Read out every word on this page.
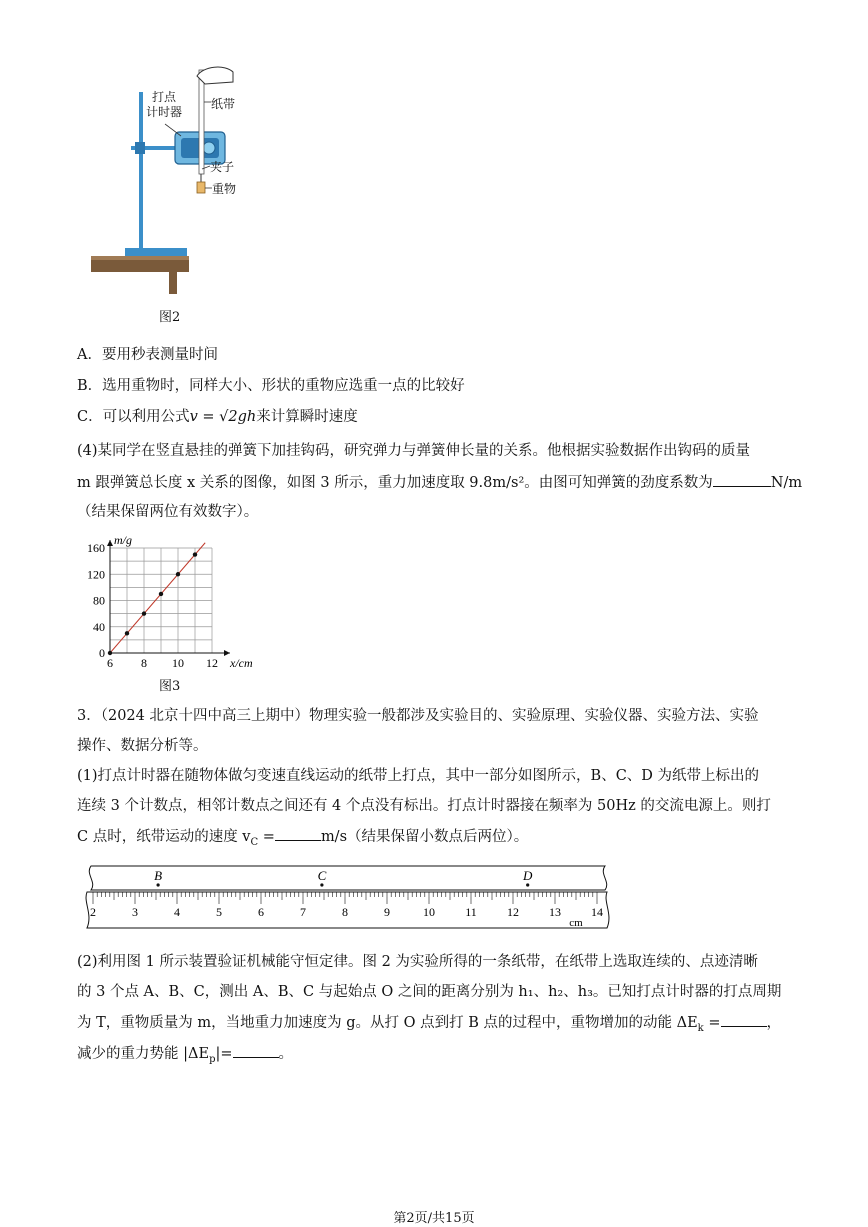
打点
计时器
纸带
夹子
重物
图2
A．要用秒表测量时间
B．选用重物时，同样大小、形状的重物应选重一点的比较好
C．可以利用公式v = √2gh来计算瞬时速度
(4)某同学在竖直悬挂的弹簧下加挂钩码，研究弹力与弹簧伸长量的关系。他根据实验数据作出钩码的质量
m 跟弹簧总长度 x 关系的图像，如图 3 所示，重力加速度取 9.8m/s²。由图可知弹簧的劲度系数为	N/m
（结果保留两位有效数字）。
6 8 10 12
0
40
80
120
160
x/cm
m/g
图3
3．（2024 北京十四中高三上期中）物理实验一般都涉及实验目的、实验原理、实验仪器、实验方法、实验
操作、数据分析等。
(1)打点计时器在随物体做匀变速直线运动的纸带上打点，其中一部分如图所示，B、C、D 为纸带上标出的
连续 3 个计数点，相邻计数点之间还有 4 个点没有标出。打点计时器接在频率为 50Hz 的交流电源上。则打
C 点时，纸带运动的速度 $v_C$ =	m/s（结果保留小数点后两位）。
2	3	4	5	6	7	8	9	10	11	12	13	14
cm
B	C	D
(2)利用图 1 所示装置验证机械能守恒定律。图 2 为实验所得的一条纸带，在纸带上选取连续的、点迹清晰
的 3 个点 A、B、C，测出 A、B、C 与起始点 O 之间的距离分别为 h₁、h₂、h₃。已知打点计时器的打点周期
为 T，重物质量为 m，当地重力加速度为 g。从打 O 点到打 B 点的过程中，重物增加的动能 $\Delta E_k$ =	，
减少的重力势能 $|\Delta E_p|=$	。
第2页/共15页
